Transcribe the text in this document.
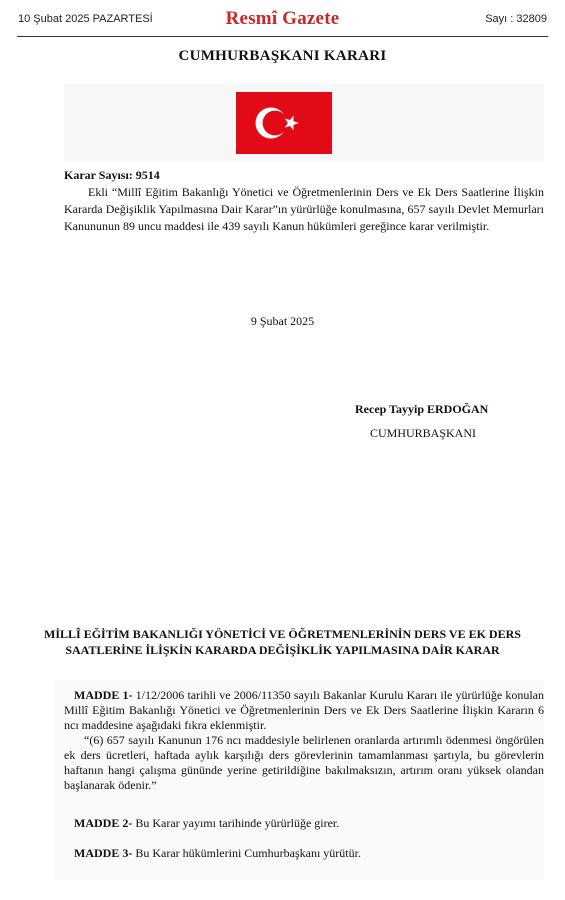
10 Şubat 2025 PAZARTESİ	Resmî Gazete	Sayı : 32809
CUMHURBAŞKANI KARARI
Karar Sayısı: 9514
Ekli “Millî Eğitim Bakanlığı Yönetici ve Öğretmenlerinin Ders ve Ek Ders Saatlerine İlişkin Kararda Değişiklik Yapılmasına Dair Karar”ın yürürlüğe konulmasına, 657 sayılı Devlet Memurları Kanununun 89 uncu maddesi ile 439 sayılı Kanun hükümleri gereğince karar verilmiştir.
9 Şubat 2025
Recep Tayyip ERDOĞAN
CUMHURBAŞKANI
MİLLÎ EĞİTİM BAKANLIĞI YÖNETİCİ VE ÖĞRETMENLERİNİN DERS VE EK DERS SAATLERİNE İLİŞKİN KARARDA DEĞİŞİKLİK YAPILMASINA DAİR KARAR

MADDE 1- 1/12/2006 tarihli ve 2006/11350 sayılı Bakanlar Kurulu Kararı ile yürürlüğe konulan Millî Eğitim Bakanlığı Yönetici ve Öğretmenlerinin Ders ve Ek Ders Saatlerine İlişkin Kararın 6 ncı maddesine aşağıdaki fıkra eklenmiştir.

“(6) 657 sayılı Kanunun 176 ncı maddesiyle belirlenen oranlarda artırımlı ödenmesi öngörülen ek ders ücretleri, haftada aylık karşılığı ders görevlerinin tamamlanması şartıyla, bu görevlerin haftanın hangi çalışma gününde yerine getirildiğine bakılmaksızın, artırım oranı yüksek olandan başlanarak ödenir.”

MADDE 2- Bu Karar yayımı tarihinde yürürlüğe girer.

MADDE 3- Bu Karar hükümlerini Cumhurbaşkanı yürütür.
